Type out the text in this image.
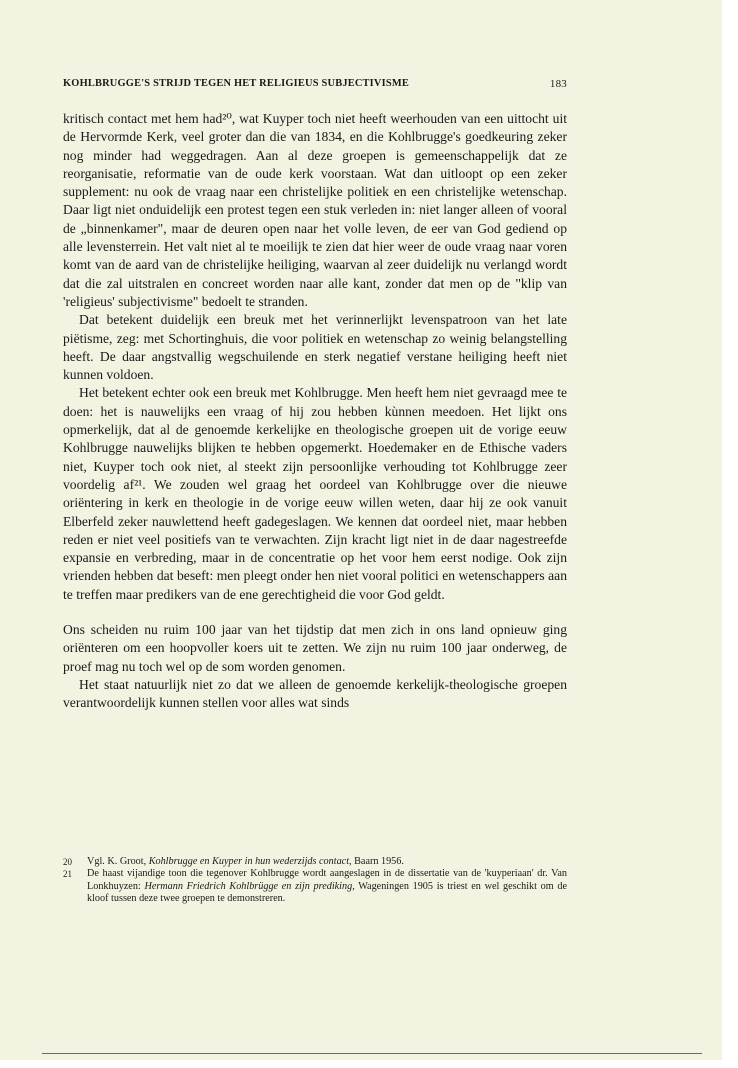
KOHLBRUGGE'S STRIJD TEGEN HET RELIGIEUS SUBJECTIVISME	183

kritisch contact met hem had²⁰, wat Kuyper toch niet heeft weerhouden van een uittocht uit de Hervormde Kerk, veel groter dan die van 1834, en die Kohlbrugge's goedkeuring zeker nog minder had weggedragen. Aan al deze groepen is gemeenschappelijk dat ze reorganisatie, reformatie van de oude kerk voorstaan. Wat dan uitloopt op een zeker supplement: nu ook de vraag naar een christelijke politiek en een christelijke wetenschap. Daar ligt niet onduidelijk een protest tegen een stuk verleden in: niet langer alleen of vooral de „binnenkamer", maar de deuren open naar het volle leven, de eer van God gediend op alle levensterrein. Het valt niet al te moeilijk te zien dat hier weer de oude vraag naar voren komt van de aard van de christelijke heiliging, waarvan al zeer duidelijk nu verlangd wordt dat die zal uitstralen en concreet worden naar alle kant, zonder dat men op de "klip van 'religieus' subjectivisme" bedoelt te stranden.

Dat betekent duidelijk een breuk met het verinnerlijkt levenspatroon van het late piëtisme, zeg: met Schortinghuis, die voor politiek en wetenschap zo weinig belangstelling heeft. De daar angstvallig wegschuilende en sterk negatief verstane heiliging heeft niet kunnen voldoen.

Het betekent echter ook een breuk met Kohlbrugge. Men heeft hem niet gevraagd mee te doen: het is nauwelijks een vraag of hij zou hebben kùnnen meedoen. Het lijkt ons opmerkelijk, dat al de genoemde kerkelijke en theologische groepen uit de vorige eeuw Kohlbrugge nauwelijks blijken te hebben opgemerkt. Hoedemaker en de Ethische vaders niet, Kuyper toch ook niet, al steekt zijn persoonlijke verhouding tot Kohlbrugge zeer voordelig af²¹. We zouden wel graag het oordeel van Kohlbrugge over die nieuwe oriëntering in kerk en theologie in de vorige eeuw willen weten, daar hij ze ook vanuit Elberfeld zeker nauwlettend heeft gadegeslagen. We kennen dat oordeel niet, maar hebben reden er niet veel positiefs van te verwachten. Zijn kracht ligt niet in de daar nagestreefde expansie en verbreding, maar in de concentratie op het voor hem eerst nodige. Ook zijn vrienden hebben dat beseft: men pleegt onder hen niet vooral politici en wetenschappers aan te treffen maar predikers van de ene gerechtigheid die voor God geldt.

Ons scheiden nu ruim 100 jaar van het tijdstip dat men zich in ons land opnieuw ging oriënteren om een hoopvoller koers uit te zetten. We zijn nu ruim 100 jaar onderweg, de proef mag nu toch wel op de som worden genomen.

Het staat natuurlijk niet zo dat we alleen de genoemde kerkelijk-theologische groepen verantwoordelijk kunnen stellen voor alles wat sinds

20	Vgl. K. Groot, Kohlbrugge en Kuyper in hun wederzijds contact, Baarn 1956.
21	De haast vijandige toon die tegenover Kohlbrugge wordt aangeslagen in de dissertatie van de 'kuyperiaan' dr. Van Lonkhuyzen: Hermann Friedrich Kohlbrügge en zijn prediking, Wageningen 1905 is triest en wel geschikt om de kloof tussen deze twee groepen te demonstreren.
